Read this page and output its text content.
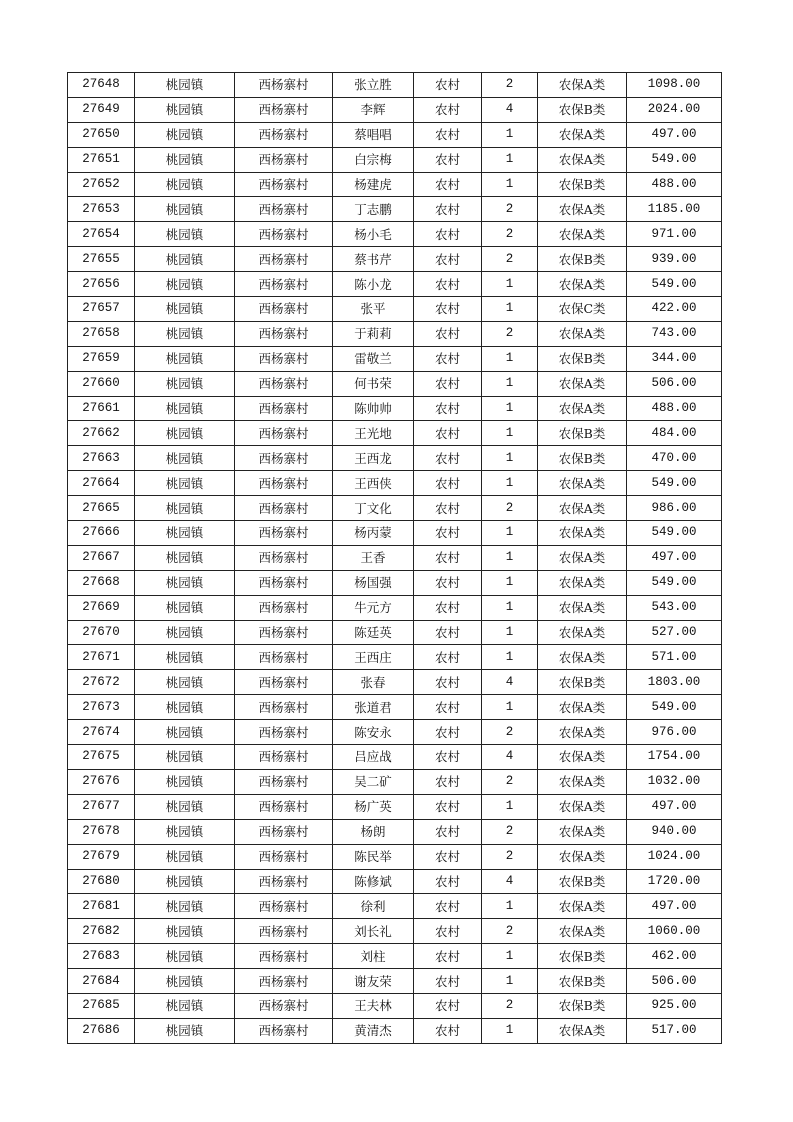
27648	桃园镇	西杨寨村	张立胜	农村	2	农保A类	1098.00
27649	桃园镇	西杨寨村	李辉	农村	4	农保B类	2024.00
27650	桃园镇	西杨寨村	蔡唱唱	农村	1	农保A类	497.00
27651	桃园镇	西杨寨村	白宗梅	农村	1	农保A类	549.00
27652	桃园镇	西杨寨村	杨建虎	农村	1	农保B类	488.00
27653	桃园镇	西杨寨村	丁志鹏	农村	2	农保A类	1185.00
27654	桃园镇	西杨寨村	杨小毛	农村	2	农保A类	971.00
27655	桃园镇	西杨寨村	蔡书芹	农村	2	农保B类	939.00
27656	桃园镇	西杨寨村	陈小龙	农村	1	农保A类	549.00
27657	桃园镇	西杨寨村	张平	农村	1	农保C类	422.00
27658	桃园镇	西杨寨村	于莉莉	农村	2	农保A类	743.00
27659	桃园镇	西杨寨村	雷敬兰	农村	1	农保B类	344.00
27660	桃园镇	西杨寨村	何书荣	农村	1	农保A类	506.00
27661	桃园镇	西杨寨村	陈帅帅	农村	1	农保A类	488.00
27662	桃园镇	西杨寨村	王光地	农村	1	农保B类	484.00
27663	桃园镇	西杨寨村	王西龙	农村	1	农保B类	470.00
27664	桃园镇	西杨寨村	王西侠	农村	1	农保A类	549.00
27665	桃园镇	西杨寨村	丁文化	农村	2	农保A类	986.00
27666	桃园镇	西杨寨村	杨丙蒙	农村	1	农保A类	549.00
27667	桃园镇	西杨寨村	王香	农村	1	农保A类	497.00
27668	桃园镇	西杨寨村	杨国强	农村	1	农保A类	549.00
27669	桃园镇	西杨寨村	牛元方	农村	1	农保A类	543.00
27670	桃园镇	西杨寨村	陈廷英	农村	1	农保A类	527.00
27671	桃园镇	西杨寨村	王西庄	农村	1	农保A类	571.00
27672	桃园镇	西杨寨村	张春	农村	4	农保B类	1803.00
27673	桃园镇	西杨寨村	张道君	农村	1	农保A类	549.00
27674	桃园镇	西杨寨村	陈安永	农村	2	农保A类	976.00
27675	桃园镇	西杨寨村	吕应战	农村	4	农保A类	1754.00
27676	桃园镇	西杨寨村	吴二矿	农村	2	农保A类	1032.00
27677	桃园镇	西杨寨村	杨广英	农村	1	农保A类	497.00
27678	桃园镇	西杨寨村	杨朗	农村	2	农保A类	940.00
27679	桃园镇	西杨寨村	陈民举	农村	2	农保A类	1024.00
27680	桃园镇	西杨寨村	陈修斌	农村	4	农保B类	1720.00
27681	桃园镇	西杨寨村	徐利	农村	1	农保A类	497.00
27682	桃园镇	西杨寨村	刘长礼	农村	2	农保A类	1060.00
27683	桃园镇	西杨寨村	刘柱	农村	1	农保B类	462.00
27684	桃园镇	西杨寨村	谢友荣	农村	1	农保B类	506.00
27685	桃园镇	西杨寨村	王夫林	农村	2	农保B类	925.00
27686	桃园镇	西杨寨村	黄清杰	农村	1	农保A类	517.00
